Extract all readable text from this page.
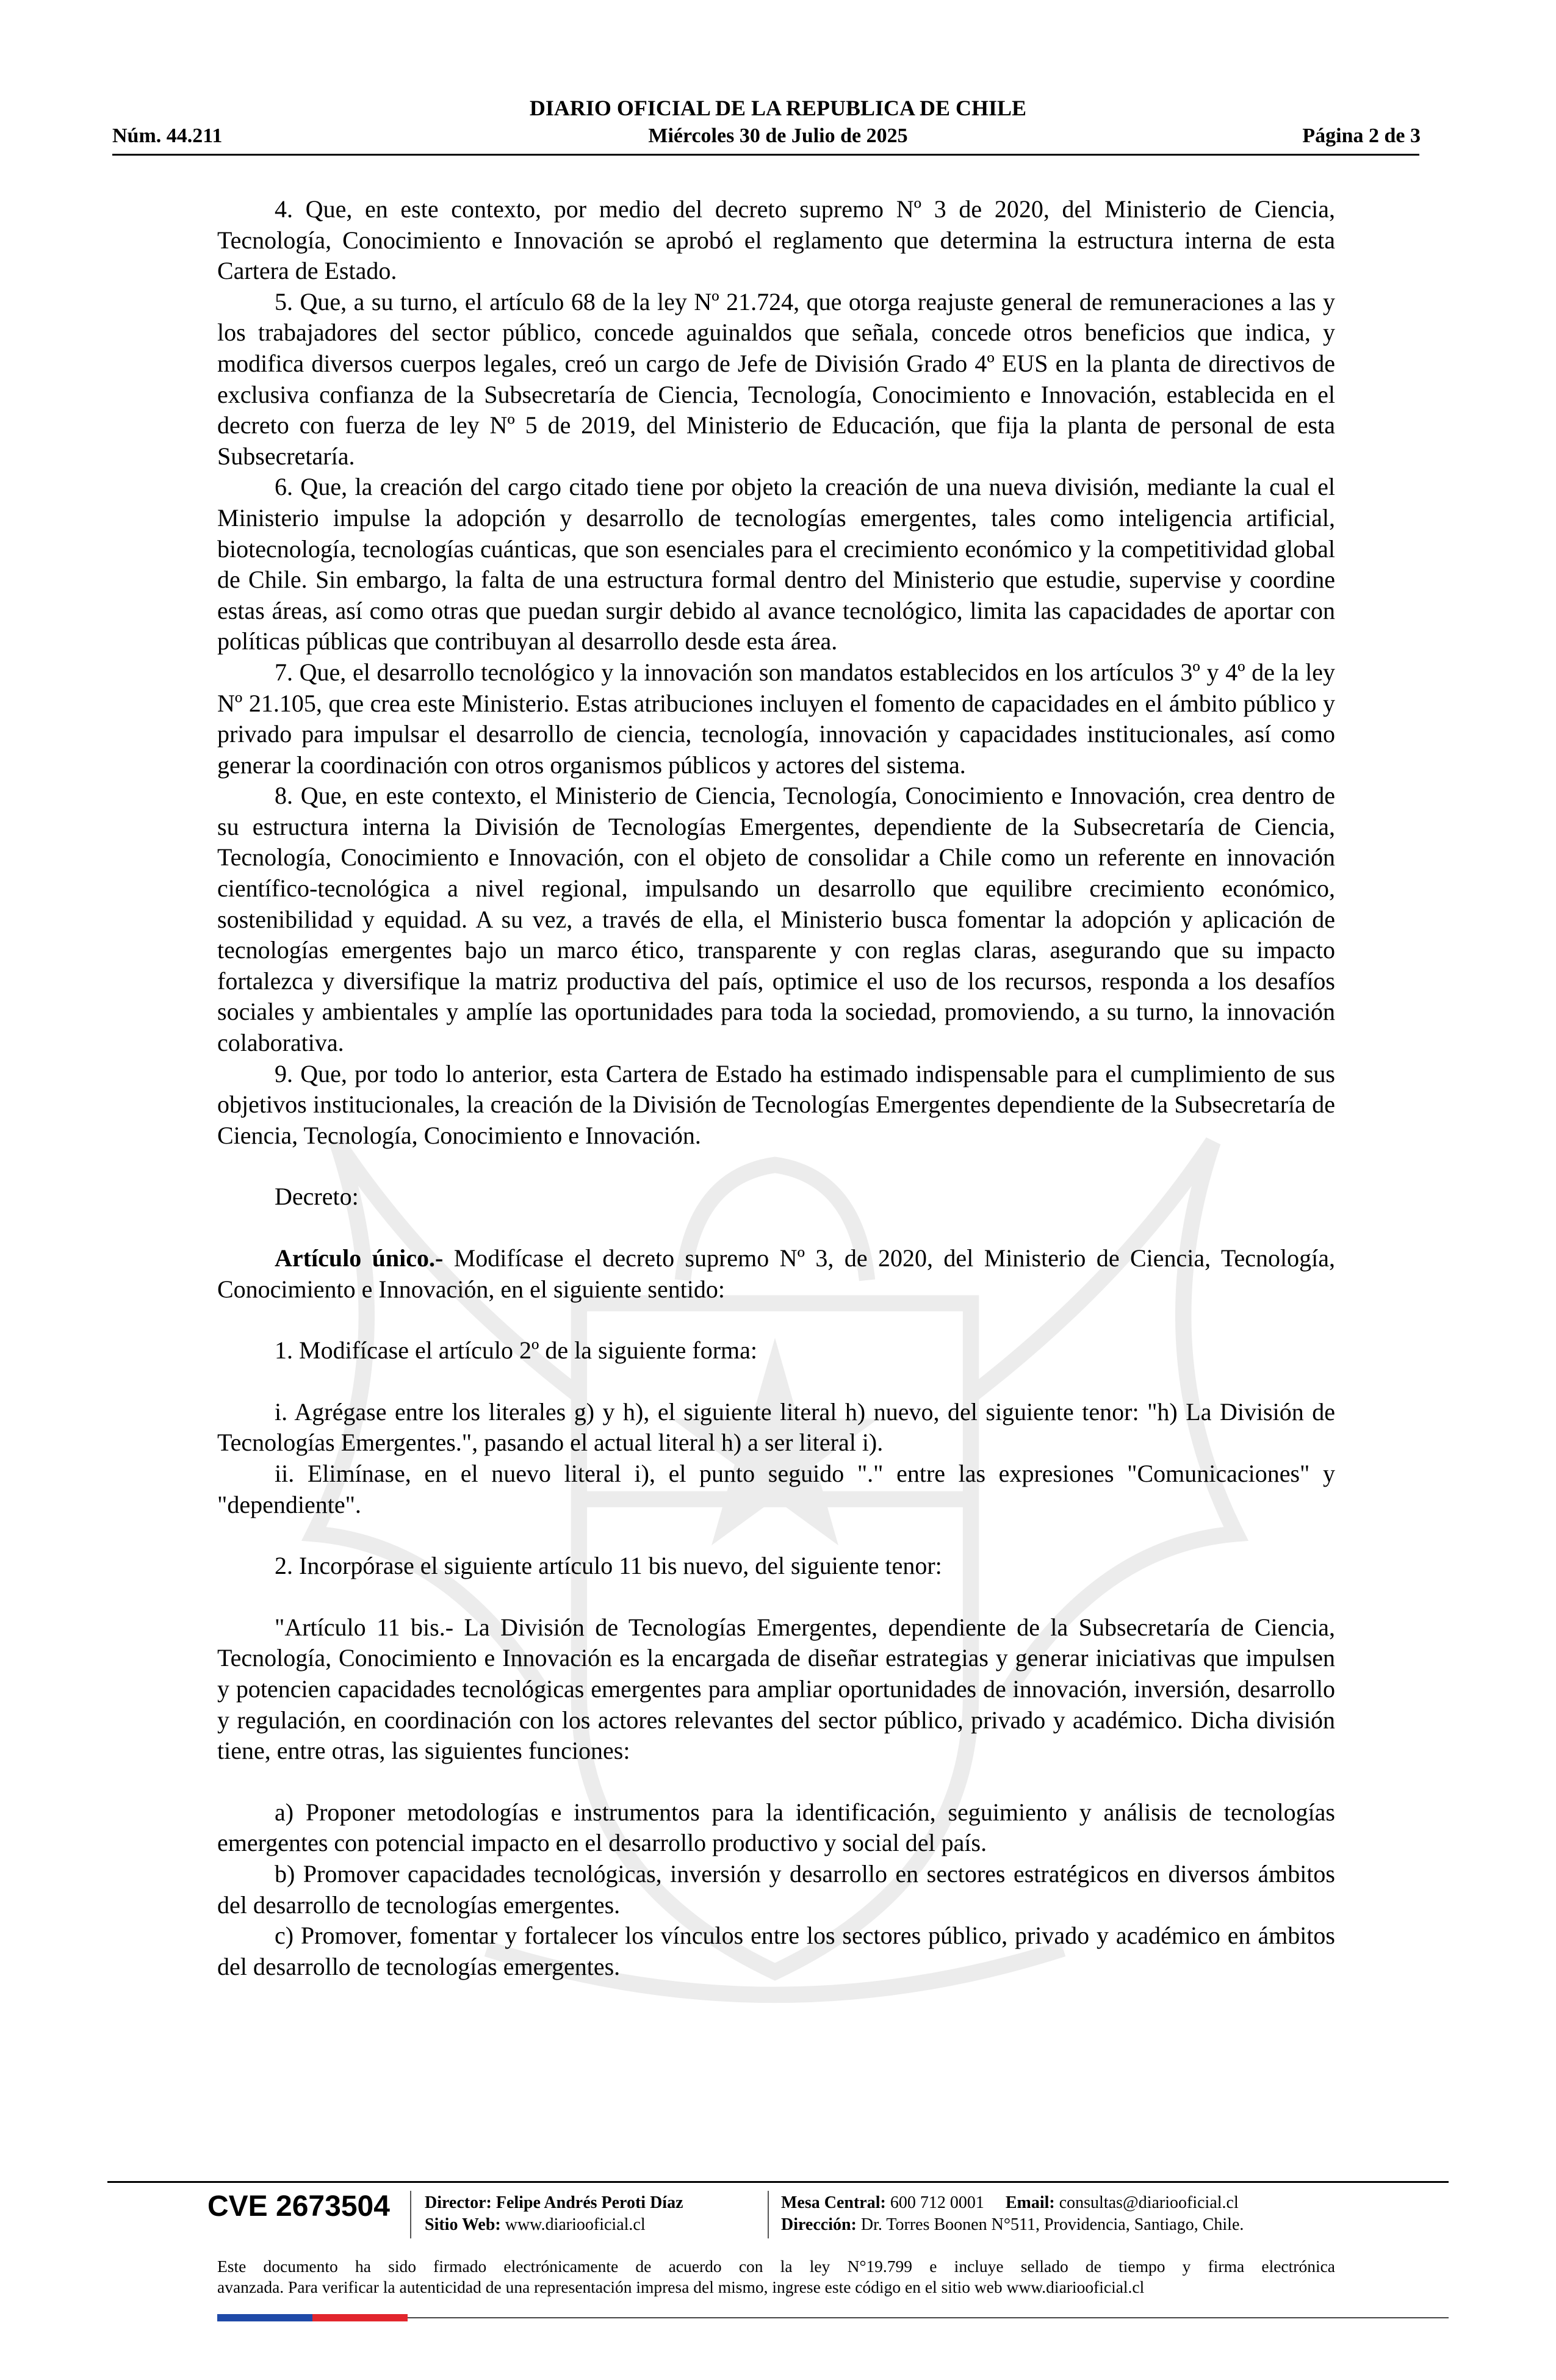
DIARIO OFICIAL DE LA REPUBLICA DE CHILE
Núm. 44.211	Miércoles 30 de Julio de 2025	Página 2 de 3

4. Que, en este contexto, por medio del decreto supremo Nº 3 de 2020, del Ministerio de Ciencia, Tecnología, Conocimiento e Innovación se aprobó el reglamento que determina la estructura interna de esta Cartera de Estado.

5. Que, a su turno, el artículo 68 de la ley Nº 21.724, que otorga reajuste general de remuneraciones a las y los trabajadores del sector público, concede aguinaldos que señala, concede otros beneficios que indica, y modifica diversos cuerpos legales, creó un cargo de Jefe de División Grado 4º EUS en la planta de directivos de exclusiva confianza de la Subsecretaría de Ciencia, Tecnología, Conocimiento e Innovación, establecida en el decreto con fuerza de ley Nº 5 de 2019, del Ministerio de Educación, que fija la planta de personal de esta Subsecretaría.

6. Que, la creación del cargo citado tiene por objeto la creación de una nueva división, mediante la cual el Ministerio impulse la adopción y desarrollo de tecnologías emergentes, tales como inteligencia artificial, biotecnología, tecnologías cuánticas, que son esenciales para el crecimiento económico y la competitividad global de Chile. Sin embargo, la falta de una estructura formal dentro del Ministerio que estudie, supervise y coordine estas áreas, así como otras que puedan surgir debido al avance tecnológico, limita las capacidades de aportar con políticas públicas que contribuyan al desarrollo desde esta área.

7. Que, el desarrollo tecnológico y la innovación son mandatos establecidos en los artículos 3º y 4º de la ley Nº 21.105, que crea este Ministerio. Estas atribuciones incluyen el fomento de capacidades en el ámbito público y privado para impulsar el desarrollo de ciencia, tecnología, innovación y capacidades institucionales, así como generar la coordinación con otros organismos públicos y actores del sistema.

8. Que, en este contexto, el Ministerio de Ciencia, Tecnología, Conocimiento e Innovación, crea dentro de su estructura interna la División de Tecnologías Emergentes, dependiente de la Subsecretaría de Ciencia, Tecnología, Conocimiento e Innovación, con el objeto de consolidar a Chile como un referente en innovación científico-tecnológica a nivel regional, impulsando un desarrollo que equilibre crecimiento económico, sostenibilidad y equidad. A su vez, a través de ella, el Ministerio busca fomentar la adopción y aplicación de tecnologías emergentes bajo un marco ético, transparente y con reglas claras, asegurando que su impacto fortalezca y diversifique la matriz productiva del país, optimice el uso de los recursos, responda a los desafíos sociales y ambientales y amplíe las oportunidades para toda la sociedad, promoviendo, a su turno, la innovación colaborativa.

9. Que, por todo lo anterior, esta Cartera de Estado ha estimado indispensable para el cumplimiento de sus objetivos institucionales, la creación de la División de Tecnologías Emergentes dependiente de la Subsecretaría de Ciencia, Tecnología, Conocimiento e Innovación.

Decreto:

Artículo único.- Modifícase el decreto supremo Nº 3, de 2020, del Ministerio de Ciencia, Tecnología, Conocimiento e Innovación, en el siguiente sentido:

1. Modifícase el artículo 2º de la siguiente forma:

i. Agrégase entre los literales g) y h), el siguiente literal h) nuevo, del siguiente tenor: "h) La División de Tecnologías Emergentes.", pasando el actual literal h) a ser literal i).

ii. Elimínase, en el nuevo literal i), el punto seguido "." entre las expresiones "Comunicaciones" y "dependiente".

2. Incorpórase el siguiente artículo 11 bis nuevo, del siguiente tenor:

"Artículo 11 bis.- La División de Tecnologías Emergentes, dependiente de la Subsecretaría de Ciencia, Tecnología, Conocimiento e Innovación es la encargada de diseñar estrategias y generar iniciativas que impulsen y potencien capacidades tecnológicas emergentes para ampliar oportunidades de innovación, inversión, desarrollo y regulación, en coordinación con los actores relevantes del sector público, privado y académico. Dicha división tiene, entre otras, las siguientes funciones:

a) Proponer metodologías e instrumentos para la identificación, seguimiento y análisis de tecnologías emergentes con potencial impacto en el desarrollo productivo y social del país.

b) Promover capacidades tecnológicas, inversión y desarrollo en sectores estratégicos en diversos ámbitos del desarrollo de tecnologías emergentes.

c) Promover, fomentar y fortalecer los vínculos entre los sectores público, privado y académico en ámbitos del desarrollo de tecnologías emergentes.

CVE 2673504 Director: Felipe Andrés Peroti Díaz
Sitio Web: www.diariooficial.cl
Mesa Central: 600 712 0001 Email: consultas@diariooficial.cl
Dirección: Dr. Torres Boonen N°511, Providencia, Santiago, Chile.
Este documento ha sido firmado electrónicamente de acuerdo con la ley N°19.799 e incluye sellado de tiempo y firma electrónica
avanzada. Para verificar la autenticidad de una representación impresa del mismo, ingrese este código en el sitio web www.diariooficial.cl
